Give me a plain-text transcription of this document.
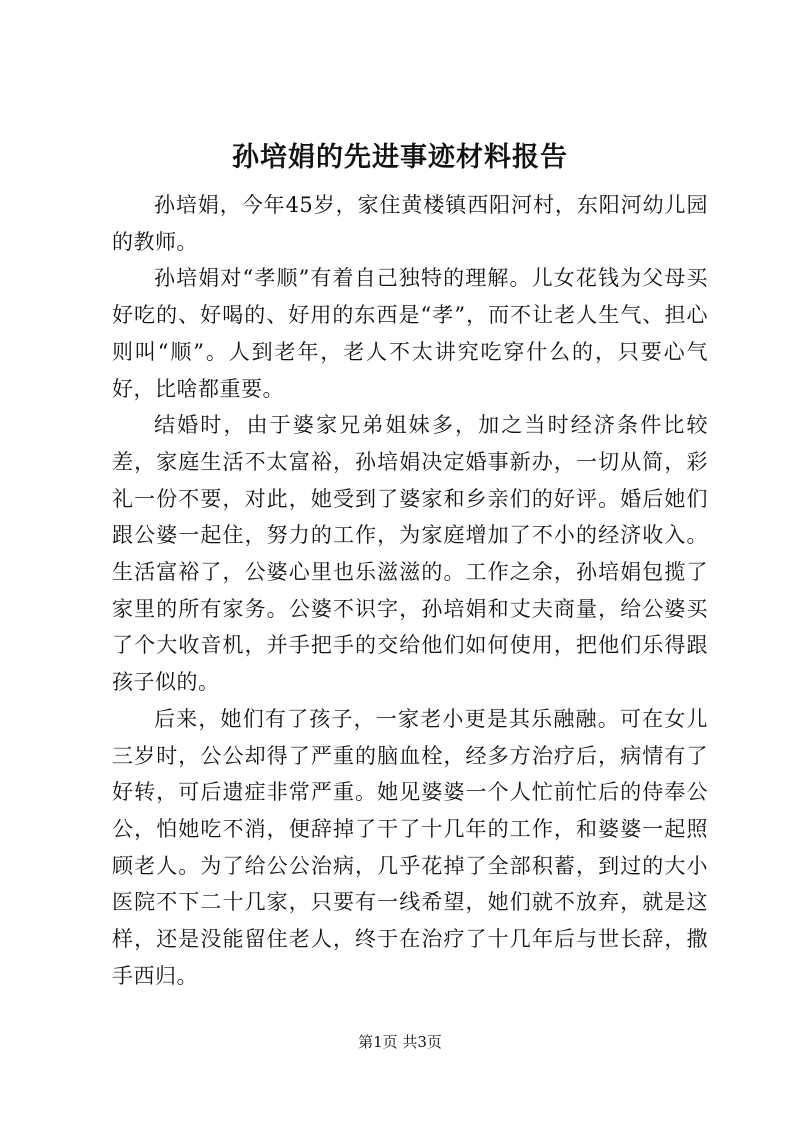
孙培娟的先进事迹材料报告

孙培娟，今年45岁，家住黄楼镇西阳河村，东阳河幼儿园的教师。

孙培娟对“孝顺”有着自己独特的理解。儿女花钱为父母买好吃的、好喝的、好用的东西是“孝”，而不让老人生气、担心则叫“顺”。人到老年，老人不太讲究吃穿什么的，只要心气好，比啥都重要。

结婚时，由于婆家兄弟姐妹多，加之当时经济条件比较差，家庭生活不太富裕，孙培娟决定婚事新办，一切从简，彩礼一份不要，对此，她受到了婆家和乡亲们的好评。婚后她们跟公婆一起住，努力的工作，为家庭增加了不小的经济收入。生活富裕了，公婆心里也乐滋滋的。工作之余，孙培娟包揽了家里的所有家务。公婆不识字，孙培娟和丈夫商量，给公婆买了个大收音机，并手把手的交给他们如何使用，把他们乐得跟孩子似的。

后来，她们有了孩子，一家老小更是其乐融融。可在女儿三岁时，公公却得了严重的脑血栓，经多方治疗后，病情有了好转，可后遗症非常严重。她见婆婆一个人忙前忙后的侍奉公公，怕她吃不消，便辞掉了干了十几年的工作，和婆婆一起照顾老人。为了给公公治病，几乎花掉了全部积蓄，到过的大小医院不下二十几家，只要有一线希望，她们就不放弃，就是这样，还是没能留住老人，终于在治疗了十几年后与世长辞，撒手西归。

第1页 共3页
